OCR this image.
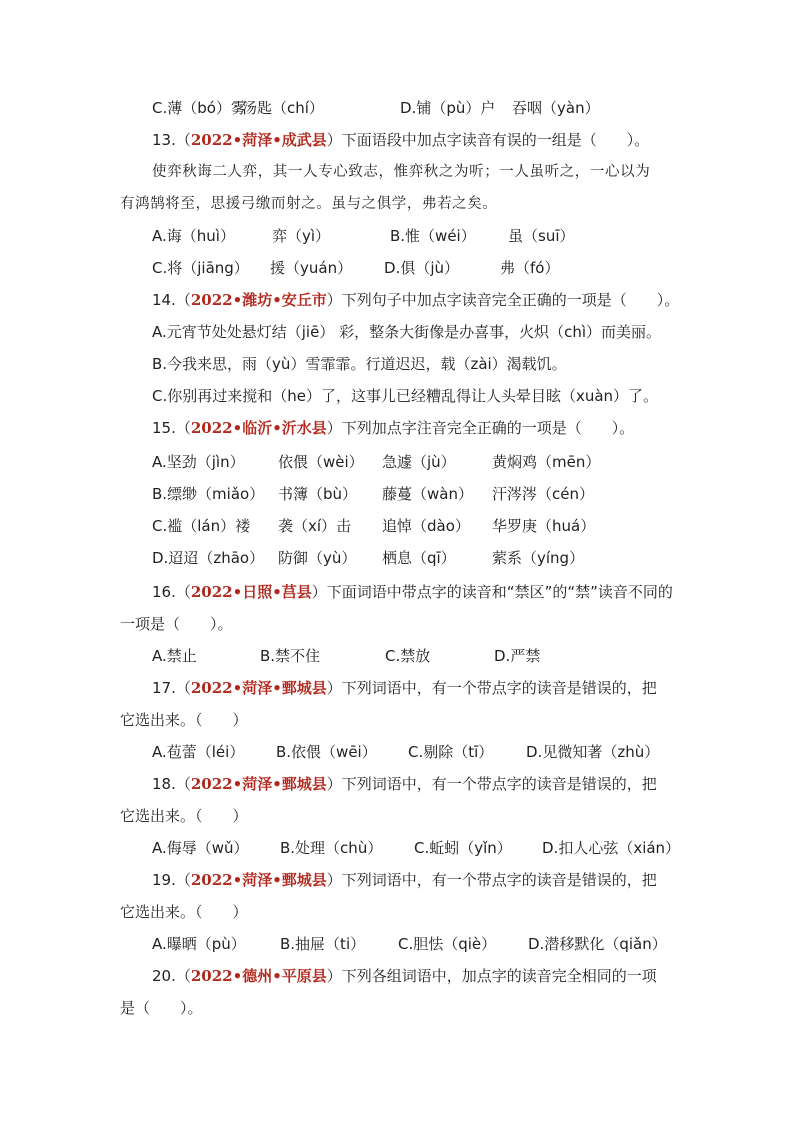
C.薄（bó）雾汤匙（chí）	D.铺（pù）户 吞咽（yàn）
13.（2022•菏泽•成武县）下面语段中加点字读音有误的一组是（　　）。
使弈秋诲二人弈，其一人专心致志，惟弈秋之为听；一人虽听之，一心以为
有鸿鹄将至，思援弓缴而射之。虽与之俱学，弗若之矣。
A.诲（huì） 弈（yì）	B.惟（wéi） 虽（suī）
C.将（jiāng） 援（yuán） D.俱（jù）	弗（fó）
14.（2022•潍坊•安丘市）下列句子中加点字读音完全正确的一项是（　　）。
A.元宵节处处悬灯结（jiē） 彩，整条大街像是办喜事，火炽（chì）而美丽。
B.今我来思，雨（yù）雪霏霏。行道迟迟，载（zài）渴载饥。
C.你别再过来搅和（he）了，这事儿已经糟乱得让人头晕目眩（xuàn）了。
15.（2022•临沂•沂水县）下列加点字注音完全正确的一项是（　　）。
A.坚劲（jìn） 依偎（wèi） 急遽（jù） 黄焖鸡（mēn）
B.缥缈（miǎo） 书簿（bù） 藤蔓（wàn） 汗涔涔（cén）
C.褴（lán）褛 袭（xí）击 追悼（dào） 华罗庚（huá）
D.迢迢（zhāo） 防御（yù） 栖息（qī） 萦系（yíng）
16.（2022•日照•莒县）下面词语中带点字的读音和“禁区”的“禁”读音不同的
一项是（　　）。
A.禁止	B.禁不住	C.禁放	D.严禁
17.（2022•菏泽•鄄城县）下列词语中，有一个带点字的读音是错误的，把
它选出来。（　　）
A.苞蕾（léi） B.依偎（wēi） C.剔除（tī） D.见微知著（zhù）
18.（2022•菏泽•鄄城县）下列词语中，有一个带点字的读音是错误的，把
它选出来。（　　）
A.侮辱（wǔ） B.处理（chù） C.蚯蚓（yǐn） D.扣人心弦（xián）
19.（2022•菏泽•鄄城县）下列词语中，有一个带点字的读音是错误的，把
它选出来。（　　）
A.曝晒（pù） B.抽屉（ti） C.胆怯（qiè） D.潜移默化（qiǎn）
20.（2022•德州•平原县）下列各组词语中，加点字的读音完全相同的一项
是（　　）。
